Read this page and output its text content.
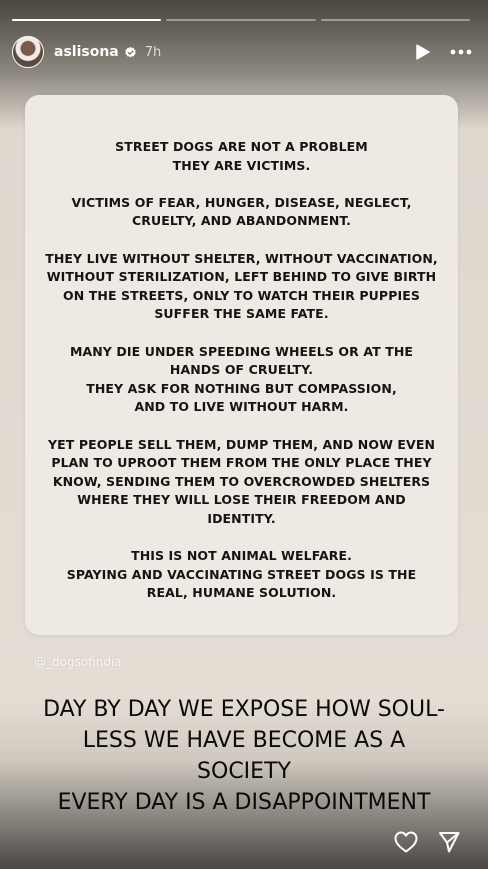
aslisona 7h

STREET DOGS ARE NOT A PROBLEM
THEY ARE VICTIMS.

VICTIMS OF FEAR, HUNGER, DISEASE, NEGLECT,
CRUELTY, AND ABANDONMENT.

THEY LIVE WITHOUT SHELTER, WITHOUT VACCINATION,
WITHOUT STERILIZATION, LEFT BEHIND TO GIVE BIRTH
ON THE STREETS, ONLY TO WATCH THEIR PUPPIES
SUFFER THE SAME FATE.

MANY DIE UNDER SPEEDING WHEELS OR AT THE
HANDS OF CRUELTY.
THEY ASK FOR NOTHING BUT COMPASSION,
AND TO LIVE WITHOUT HARM.

YET PEOPLE SELL THEM, DUMP THEM, AND NOW EVEN
PLAN TO UPROOT THEM FROM THE ONLY PLACE THEY
KNOW, SENDING THEM TO OVERCROWDED SHELTERS
WHERE THEY WILL LOSE THEIR FREEDOM AND
IDENTITY.

THIS IS NOT ANIMAL WELFARE.
SPAYING AND VACCINATING STREET DOGS IS THE
REAL, HUMANE SOLUTION.

@_dogsofindia
DAY BY DAY WE EXPOSE HOW SOUL-
LESS WE HAVE BECOME AS A
SOCIETY
EVERY DAY IS A DISAPPOINTMENT
